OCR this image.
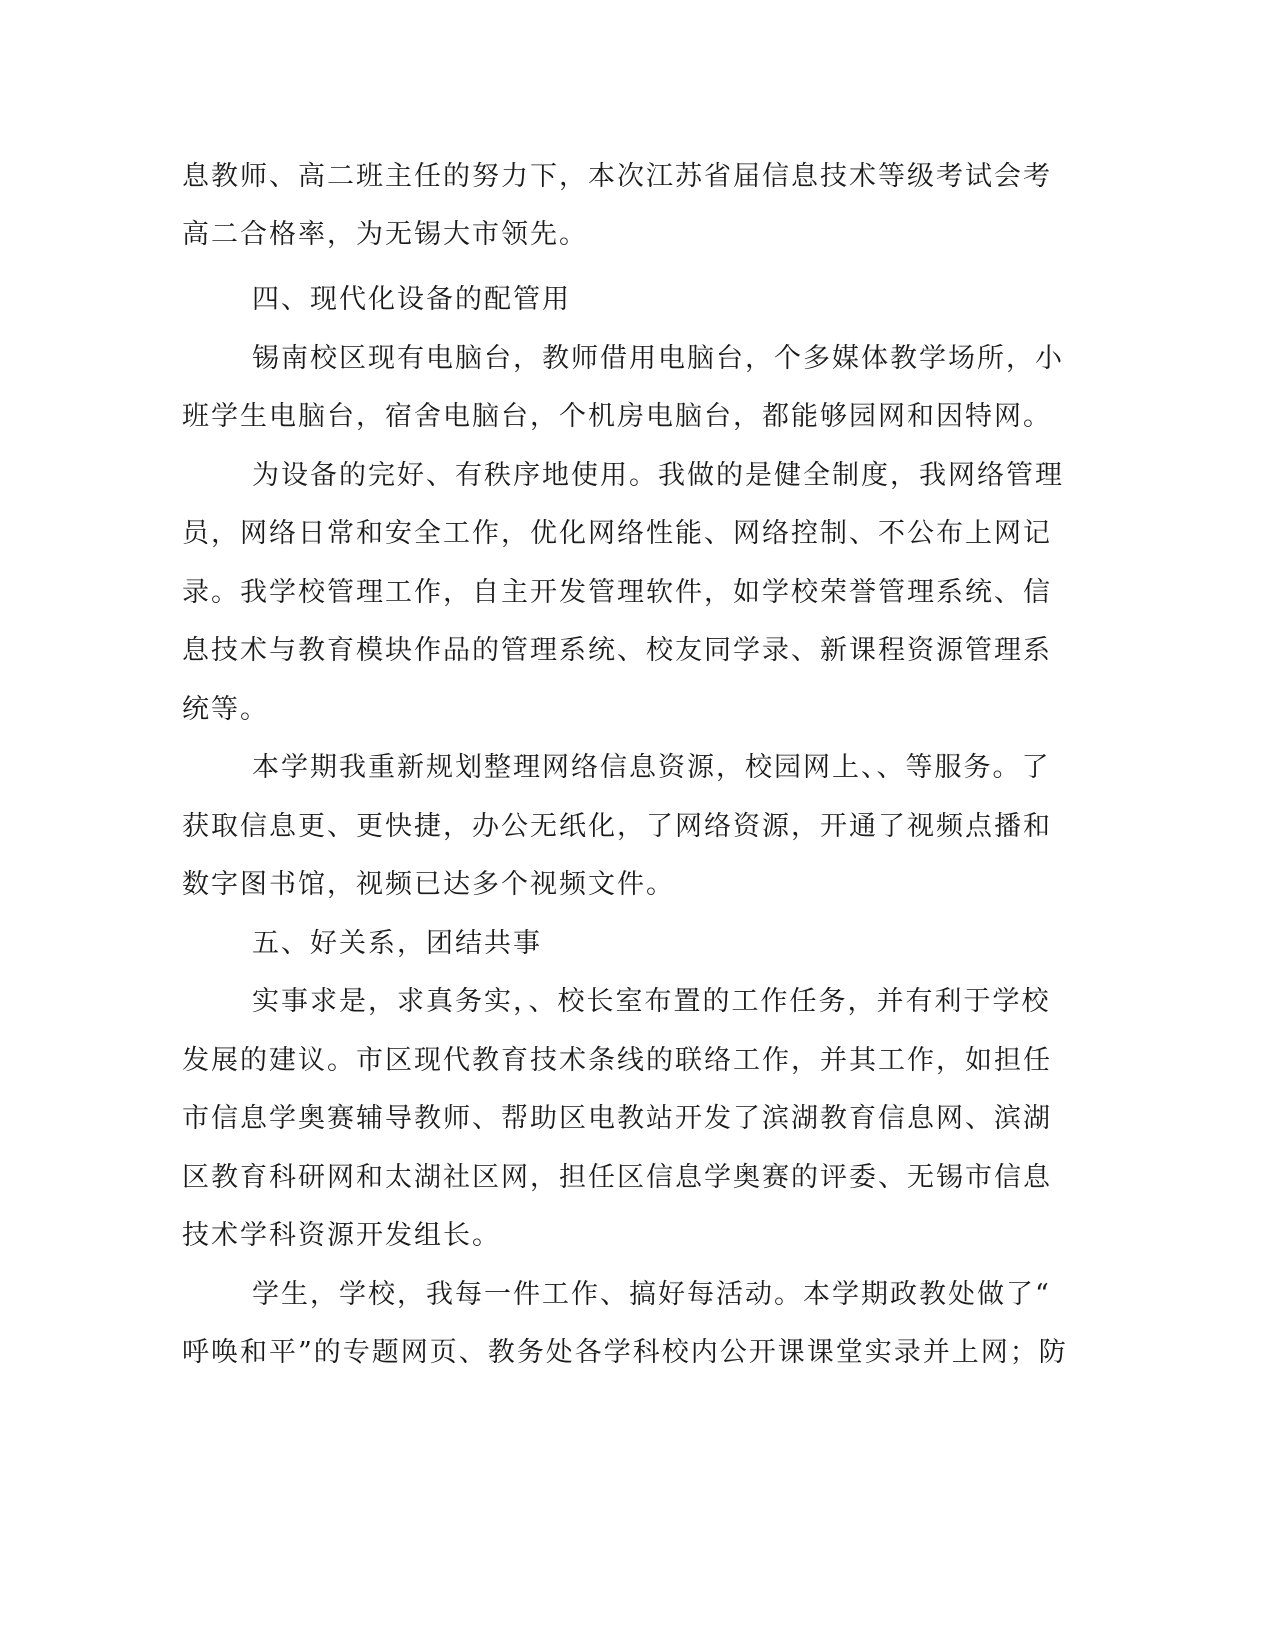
息教师、高二班主任的努力下，本次江苏省届信息技术等级考试会考
高二合格率，为无锡大市领先。
四、现代化设备的配管用
锡南校区现有电脑台，教师借用电脑台，个多媒体教学场所，小
班学生电脑台，宿舍电脑台，个机房电脑台，都能够园网和因特网。
为设备的完好、有秩序地使用。我做的是健全制度，我网络管理
员，网络日常和安全工作，优化网络性能、网络控制、不公布上网记
录。我学校管理工作，自主开发管理软件，如学校荣誉管理系统、信
息技术与教育模块作品的管理系统、校友同学录、新课程资源管理系
统等。
本学期我重新规划整理网络信息资源，校园网上、、等服务。了
获取信息更、更快捷，办公无纸化，了网络资源，开通了视频点播和
数字图书馆，视频已达多个视频文件。
五、好关系，团结共事
实事求是，求真务实，、校长室布置的工作任务，并有利于学校
发展的建议。市区现代教育技术条线的联络工作，并其工作，如担任
市信息学奥赛辅导教师、帮助区电教站开发了滨湖教育信息网、滨湖
区教育科研网和太湖社区网，担任区信息学奥赛的评委、无锡市信息
技术学科资源开发组长。
学生，学校，我每一件工作、搞好每活动。本学期政教处做了“
呼唤和平”的专题网页、教务处各学科校内公开课课堂实录并上网；防
